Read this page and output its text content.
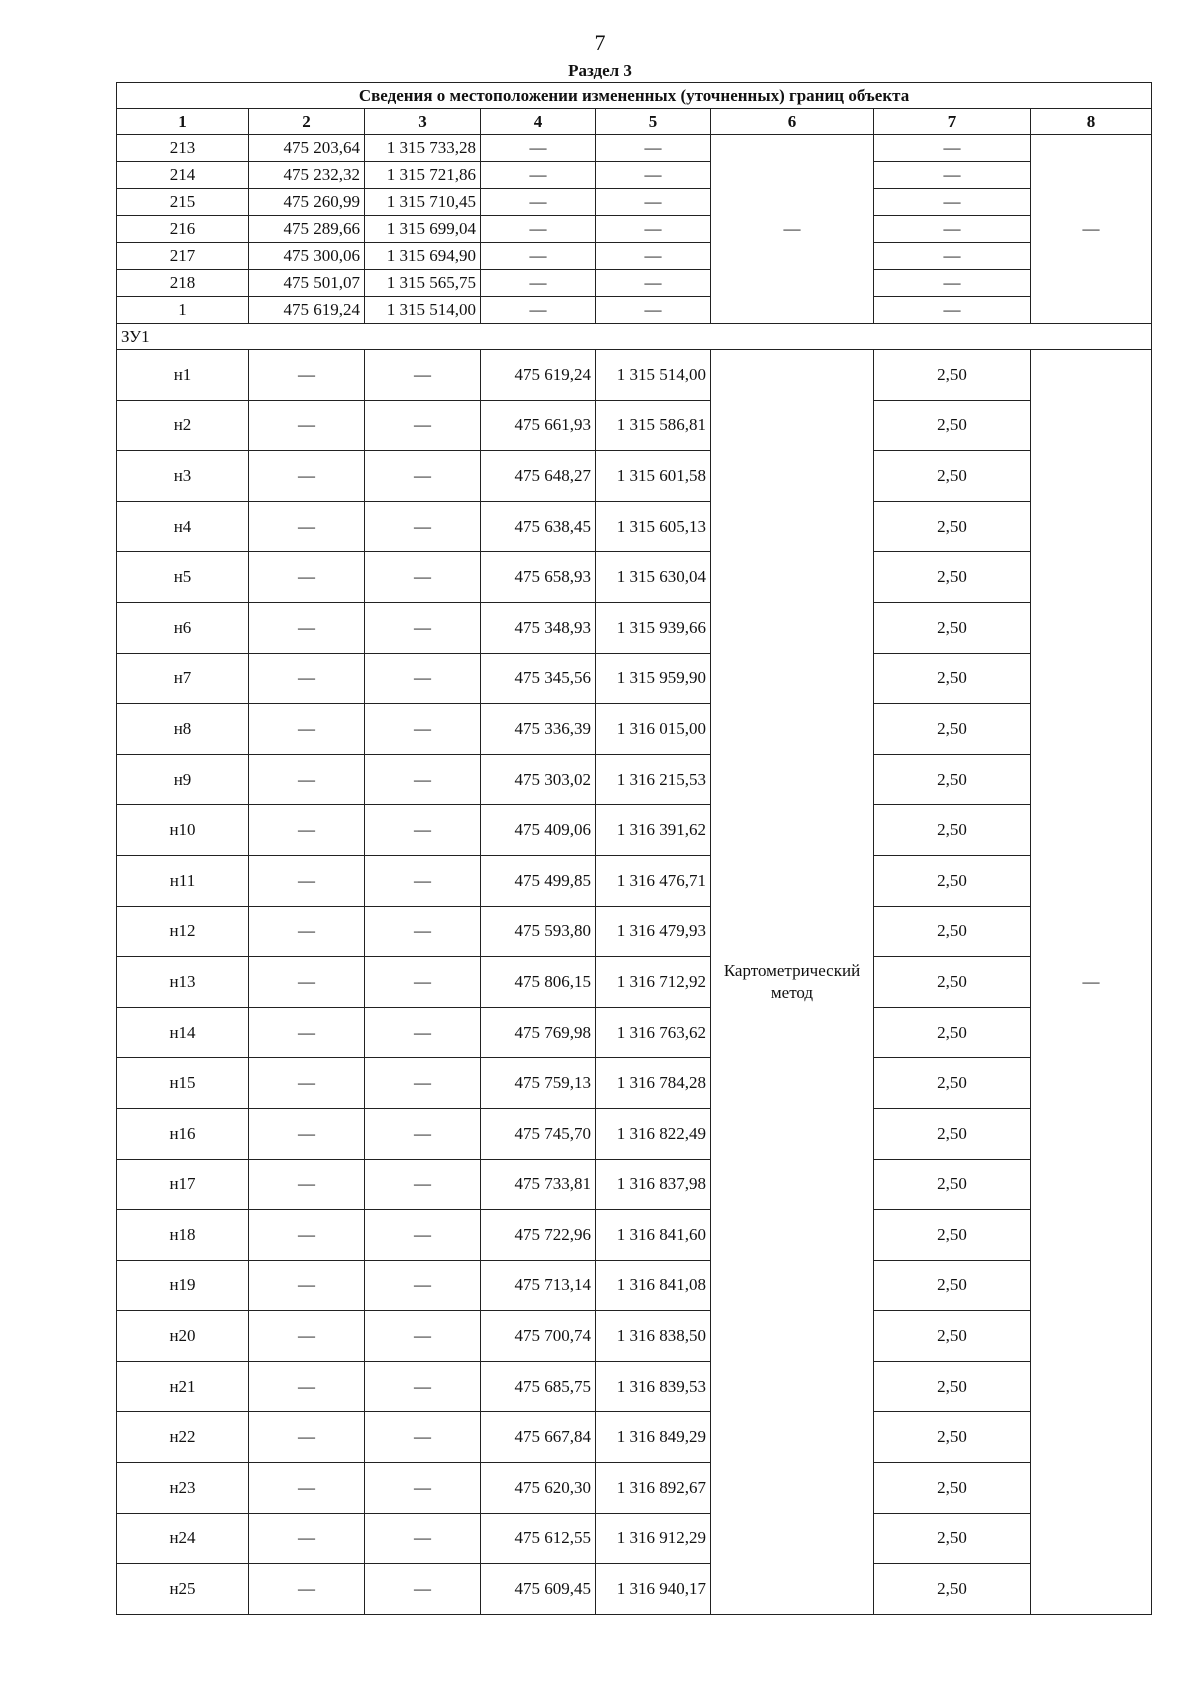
7
Раздел 3
Сведения о местоположении измененных (уточненных) границ объекта							
1	2	3	4	5	6	7	8
213	475 203,64	1 315 733,28	—	—	—	—	—
214	475 232,32	1 315 721,86	—	—		—	
215	475 260,99	1 315 710,45	—	—		—	
216	475 289,66	1 315 699,04	—	—		—	
217	475 300,06	1 315 694,90	—	—		—	
218	475 501,07	1 315 565,75	—	—		—	
1	475 619,24	1 315 514,00	—	—		—	
ЗУ1							
н1	—	—	475 619,24	1 315 514,00	Картометрический метод	2,50	—
н2	—	—	475 661,93	1 315 586,81		2,50	
н3	—	—	475 648,27	1 315 601,58		2,50	
н4	—	—	475 638,45	1 315 605,13		2,50	
н5	—	—	475 658,93	1 315 630,04		2,50	
н6	—	—	475 348,93	1 315 939,66		2,50	
н7	—	—	475 345,56	1 315 959,90		2,50	
н8	—	—	475 336,39	1 316 015,00		2,50	
н9	—	—	475 303,02	1 316 215,53		2,50	
н10	—	—	475 409,06	1 316 391,62		2,50	
н11	—	—	475 499,85	1 316 476,71		2,50	
н12	—	—	475 593,80	1 316 479,93		2,50	
н13	—	—	475 806,15	1 316 712,92		2,50	
н14	—	—	475 769,98	1 316 763,62		2,50	
н15	—	—	475 759,13	1 316 784,28		2,50	
н16	—	—	475 745,70	1 316 822,49		2,50	
н17	—	—	475 733,81	1 316 837,98		2,50	
н18	—	—	475 722,96	1 316 841,60		2,50	
н19	—	—	475 713,14	1 316 841,08		2,50	
н20	—	—	475 700,74	1 316 838,50		2,50	
н21	—	—	475 685,75	1 316 839,53		2,50	
н22	—	—	475 667,84	1 316 849,29		2,50	
н23	—	—	475 620,30	1 316 892,67		2,50	
н24	—	—	475 612,55	1 316 912,29		2,50	
н25	—	—	475 609,45	1 316 940,17		2,50	
